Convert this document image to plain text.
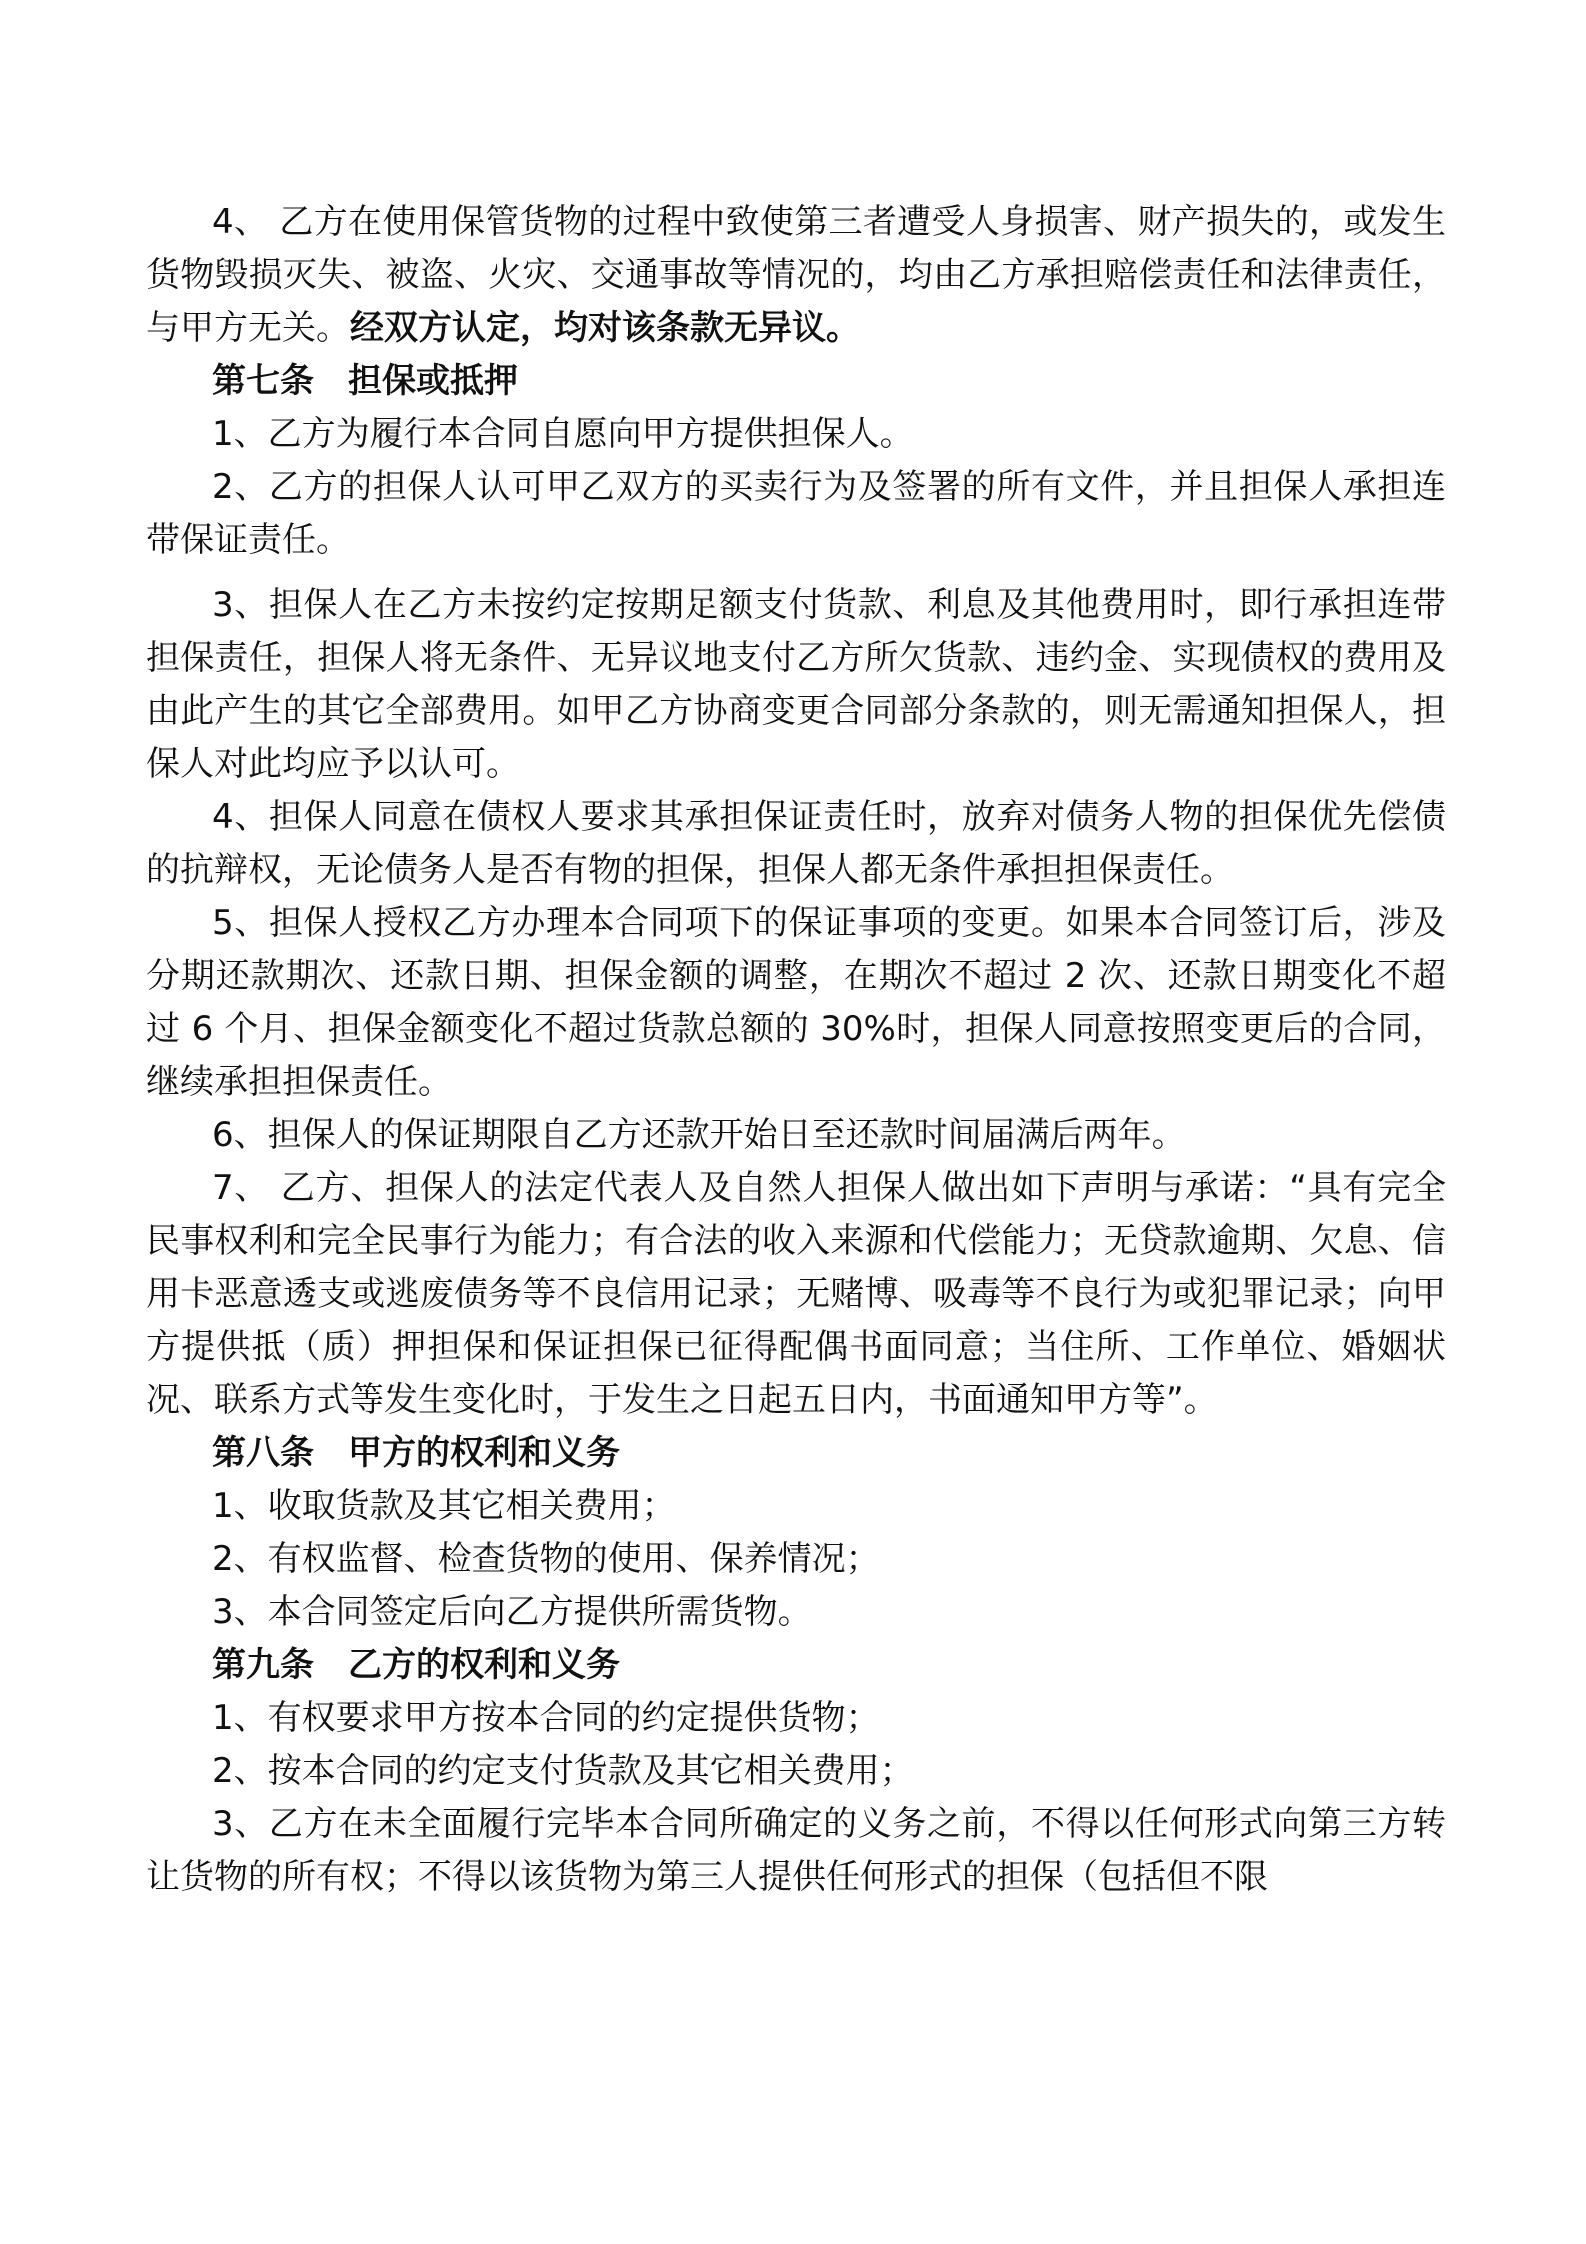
4、 乙方在使用保管货物的过程中致使第三者遭受人身损害、财产损失的，或发生货物毁损灭失、被盗、火灾、交通事故等情况的，均由乙方承担赔偿责任和法律责任，与甲方无关。经双方认定，均对该条款无异议。

第七条 担保或抵押

1、乙方为履行本合同自愿向甲方提供担保人。

2、乙方的担保人认可甲乙双方的买卖行为及签署的所有文件，并且担保人承担连带保证责任。

3、担保人在乙方未按约定按期足额支付货款、利息及其他费用时，即行承担连带担保责任，担保人将无条件、无异议地支付乙方所欠货款、违约金、实现债权的费用及由此产生的其它全部费用。如甲乙方协商变更合同部分条款的，则无需通知担保人，担保人对此均应予以认可。

4、担保人同意在债权人要求其承担保证责任时，放弃对债务人物的担保优先偿债的抗辩权，无论债务人是否有物的担保，担保人都无条件承担担保责任。

5、担保人授权乙方办理本合同项下的保证事项的变更。如果本合同签订后，涉及分期还款期次、还款日期、担保金额的调整，在期次不超过 2 次、还款日期变化不超过 6 个月、担保金额变化不超过货款总额的 30%时，担保人同意按照变更后的合同，继续承担担保责任。

6、担保人的保证期限自乙方还款开始日至还款时间届满后两年。

7、 乙方、担保人的法定代表人及自然人担保人做出如下声明与承诺：“具有完全民事权利和完全民事行为能力；有合法的收入来源和代偿能力；无贷款逾期、欠息、信用卡恶意透支或逃废债务等不良信用记录；无赌博、吸毒等不良行为或犯罪记录；向甲方提供抵（质）押担保和保证担保已征得配偶书面同意；当住所、工作单位、婚姻状况、联系方式等发生变化时，于发生之日起五日内，书面通知甲方等”。

第八条 甲方的权利和义务

1、收取货款及其它相关费用；

2、有权监督、检查货物的使用、保养情况；

3、本合同签定后向乙方提供所需货物。

第九条 乙方的权利和义务

1、有权要求甲方按本合同的约定提供货物；

2、按本合同的约定支付货款及其它相关费用；

3、乙方在未全面履行完毕本合同所确定的义务之前，不得以任何形式向第三方转让货物的所有权；不得以该货物为第三人提供任何形式的担保（包括但不限
